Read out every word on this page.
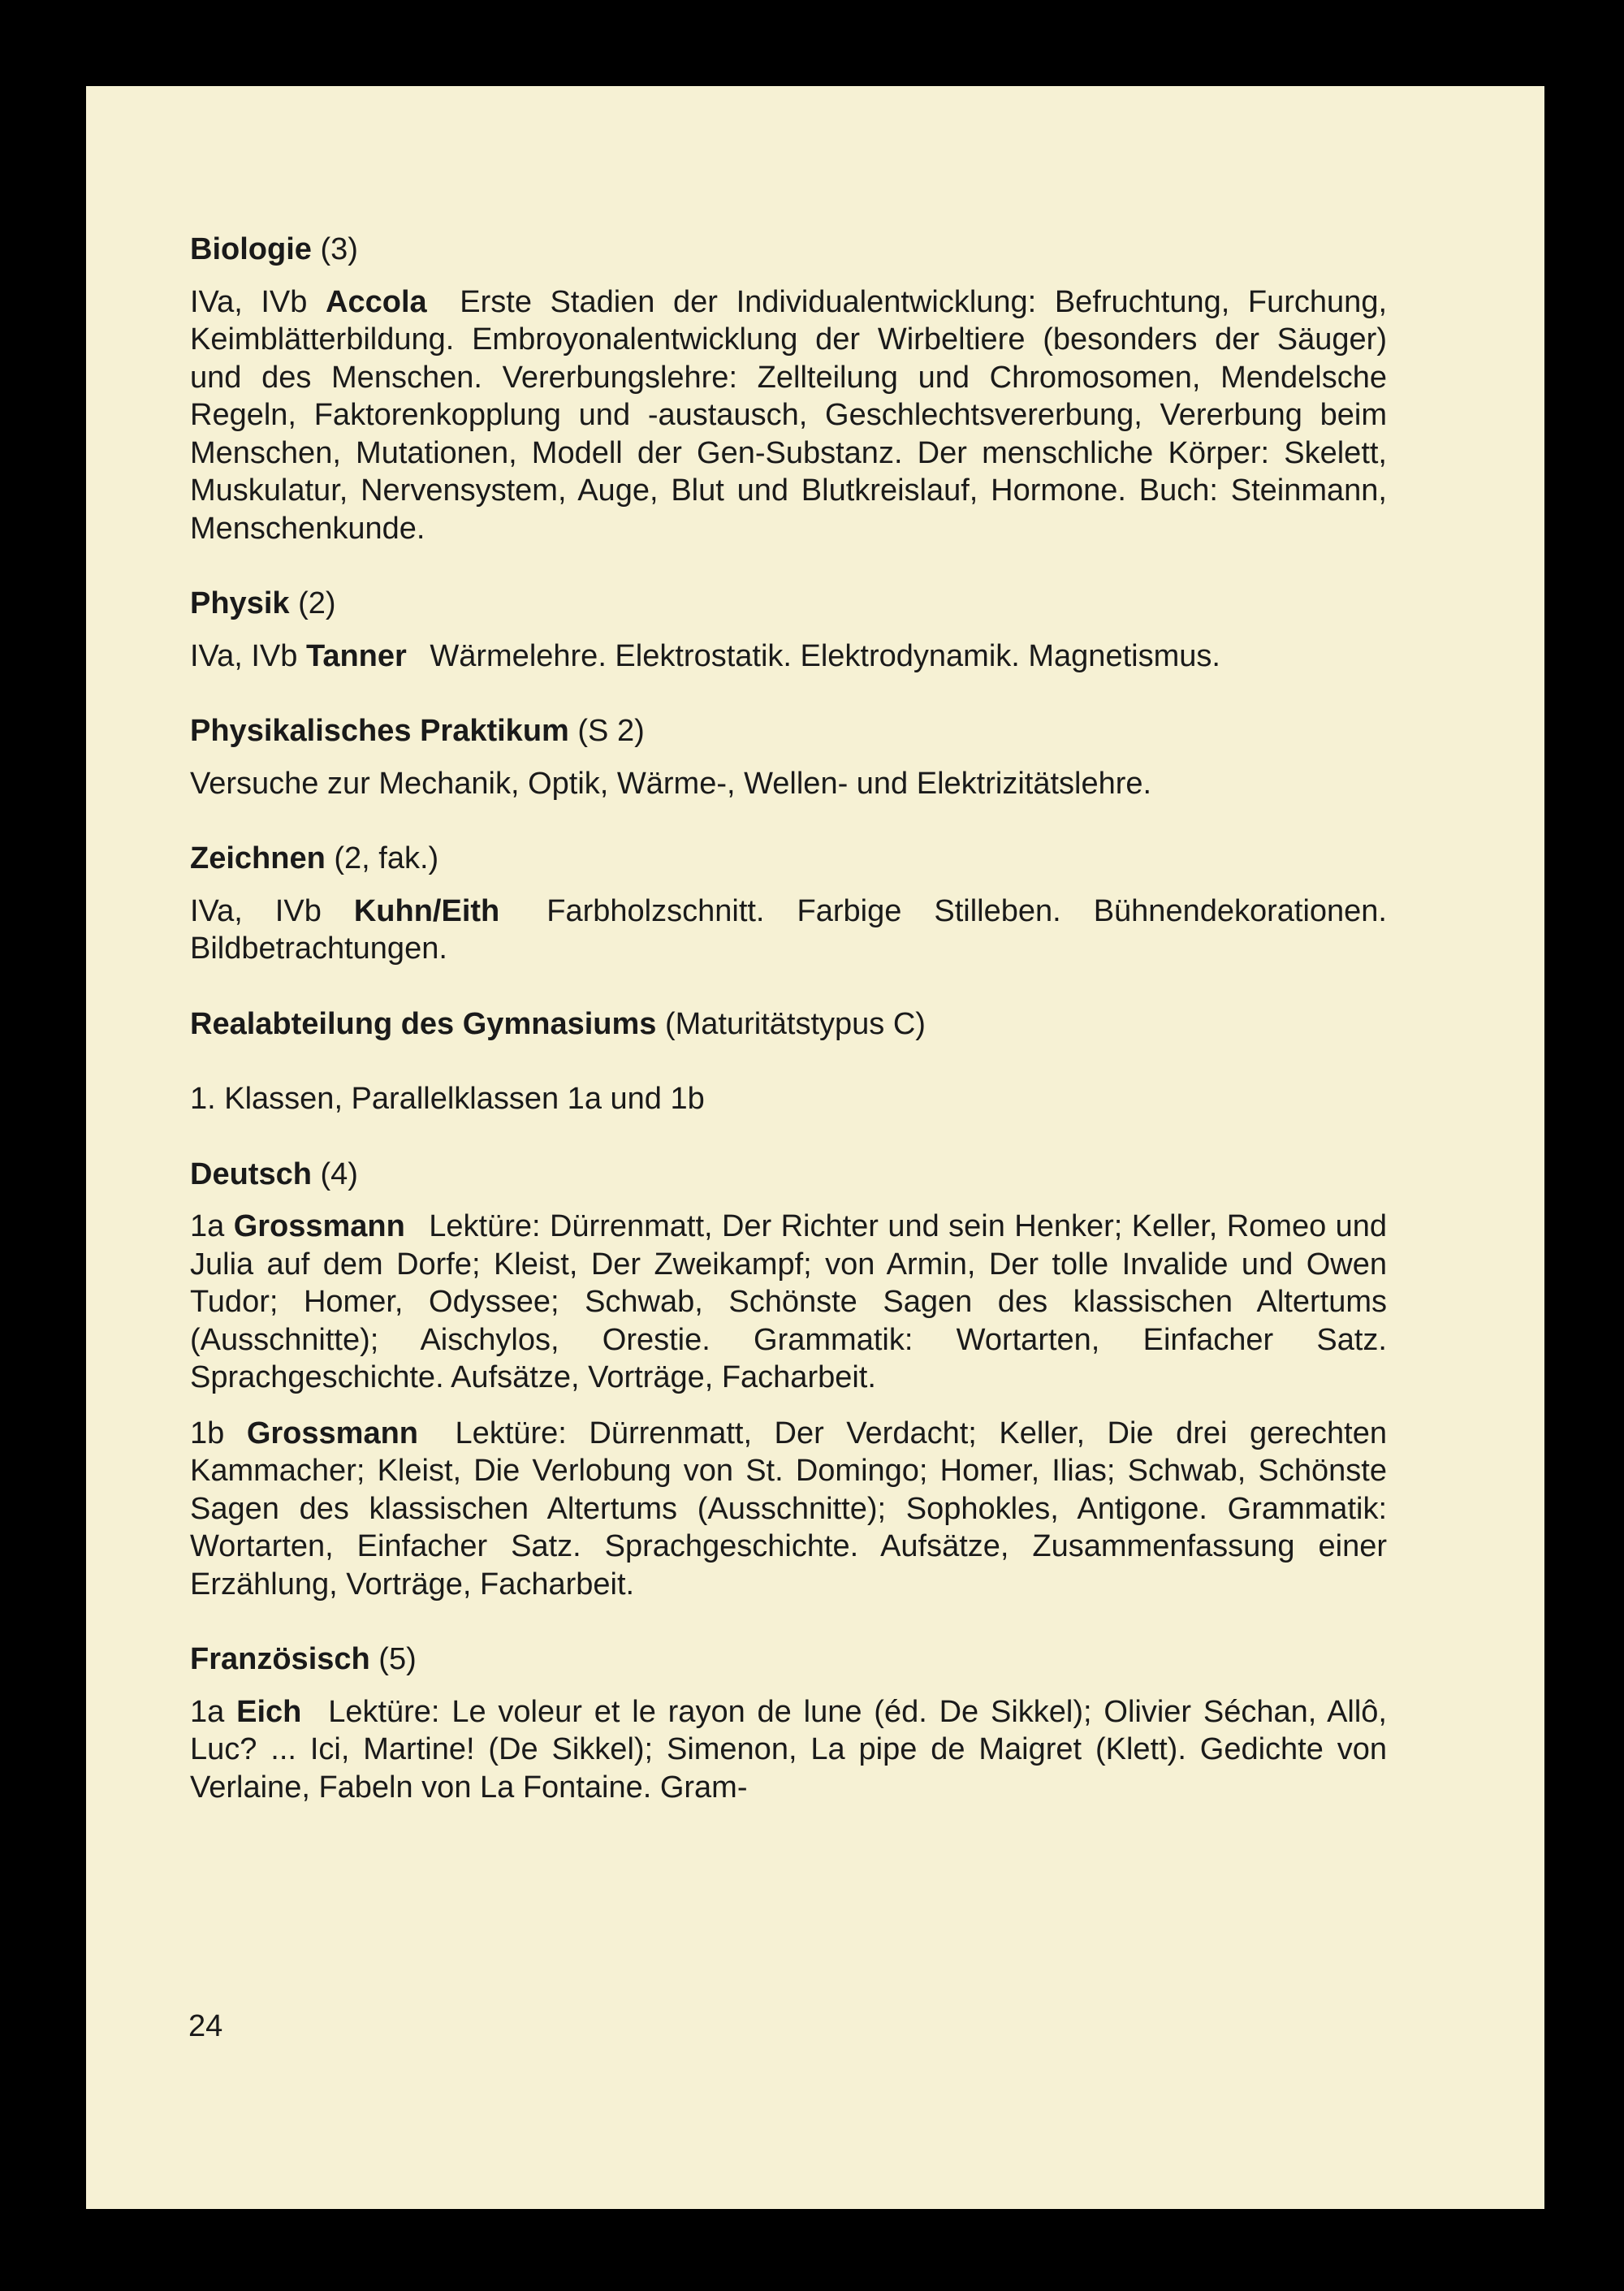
Biologie (3)

IVa, IVb Accola Erste Stadien der Individualentwicklung: Befruchtung, Furchung, Keimblätterbildung. Embroyonalentwicklung der Wirbeltiere (besonders der Säuger) und des Menschen. Vererbungslehre: Zellteilung und Chromosomen, Mendelsche Regeln, Faktorenkopplung und -austausch, Geschlechtsvererbung, Vererbung beim Menschen, Mutationen, Modell der Gen-Substanz. Der menschliche Körper: Skelett, Muskulatur, Nervensystem, Auge, Blut und Blutkreislauf, Hormone. Buch: Steinmann, Menschenkunde.

Physik (2)

IVa, IVb Tanner Wärmelehre. Elektrostatik. Elektrodynamik. Magnetismus.

Physikalisches Praktikum (S 2)

Versuche zur Mechanik, Optik, Wärme-, Wellen- und Elektrizitätslehre.

Zeichnen (2, fak.)

IVa, IVb Kuhn/Eith Farbholzschnitt. Farbige Stilleben. Bühnendekorationen. Bildbetrachtungen.

Realabteilung des Gymnasiums (Maturitätstypus C)

1. Klassen, Parallelklassen 1a und 1b

Deutsch (4)

1a Grossmann Lektüre: Dürrenmatt, Der Richter und sein Henker; Keller, Romeo und Julia auf dem Dorfe; Kleist, Der Zweikampf; von Armin, Der tolle Invalide und Owen Tudor; Homer, Odyssee; Schwab, Schönste Sagen des klassischen Altertums (Ausschnitte); Aischylos, Orestie. Grammatik: Wortarten, Einfacher Satz. Sprachgeschichte. Aufsätze, Vorträge, Facharbeit.

1b Grossmann Lektüre: Dürrenmatt, Der Verdacht; Keller, Die drei gerechten Kammacher; Kleist, Die Verlobung von St. Domingo; Homer, Ilias; Schwab, Schönste Sagen des klassischen Altertums (Ausschnitte); Sophokles, Antigone. Grammatik: Wortarten, Einfacher Satz. Sprachgeschichte. Aufsätze, Zusammenfassung einer Erzählung, Vorträge, Facharbeit.

Französisch (5)

1a Eich Lektüre: Le voleur et le rayon de lune (éd. De Sikkel); Olivier Séchan, Allô, Luc? ... Ici, Martine! (De Sikkel); Simenon, La pipe de Maigret (Klett). Gedichte von Verlaine, Fabeln von La Fontaine. Gram-

24
